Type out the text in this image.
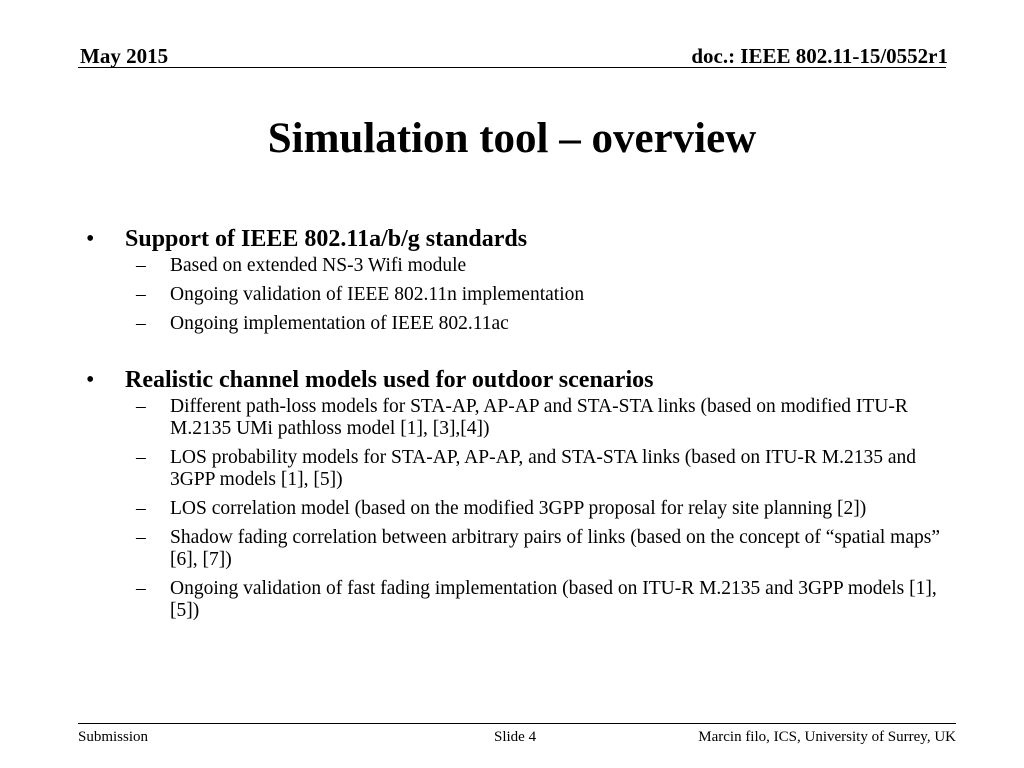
May 2015	doc.: IEEE 802.11-15/0552r1
Simulation tool – overview
• Support of IEEE 802.11a/b/g standards
– Based on extended NS-3 Wifi module
– Ongoing validation of IEEE 802.11n implementation
– Ongoing implementation of IEEE 802.11ac
• Realistic channel models used for outdoor scenarios
– Different path-loss models for STA-AP, AP-AP and STA-STA links (based on modified ITU-R M.2135 UMi pathloss model [1], [3],[4])
– LOS probability models for STA-AP, AP-AP, and STA-STA links (based on ITU-R M.2135 and 3GPP models [1], [5])
– LOS correlation model (based on the modified 3GPP proposal for relay site planning [2])
– Shadow fading correlation between arbitrary pairs of links (based on the concept of “spatial maps” [6], [7])
– Ongoing validation of fast fading implementation (based on ITU-R M.2135 and 3GPP models [1], [5])
Submission	Slide 4	Marcin filo, ICS, University of Surrey, UK
